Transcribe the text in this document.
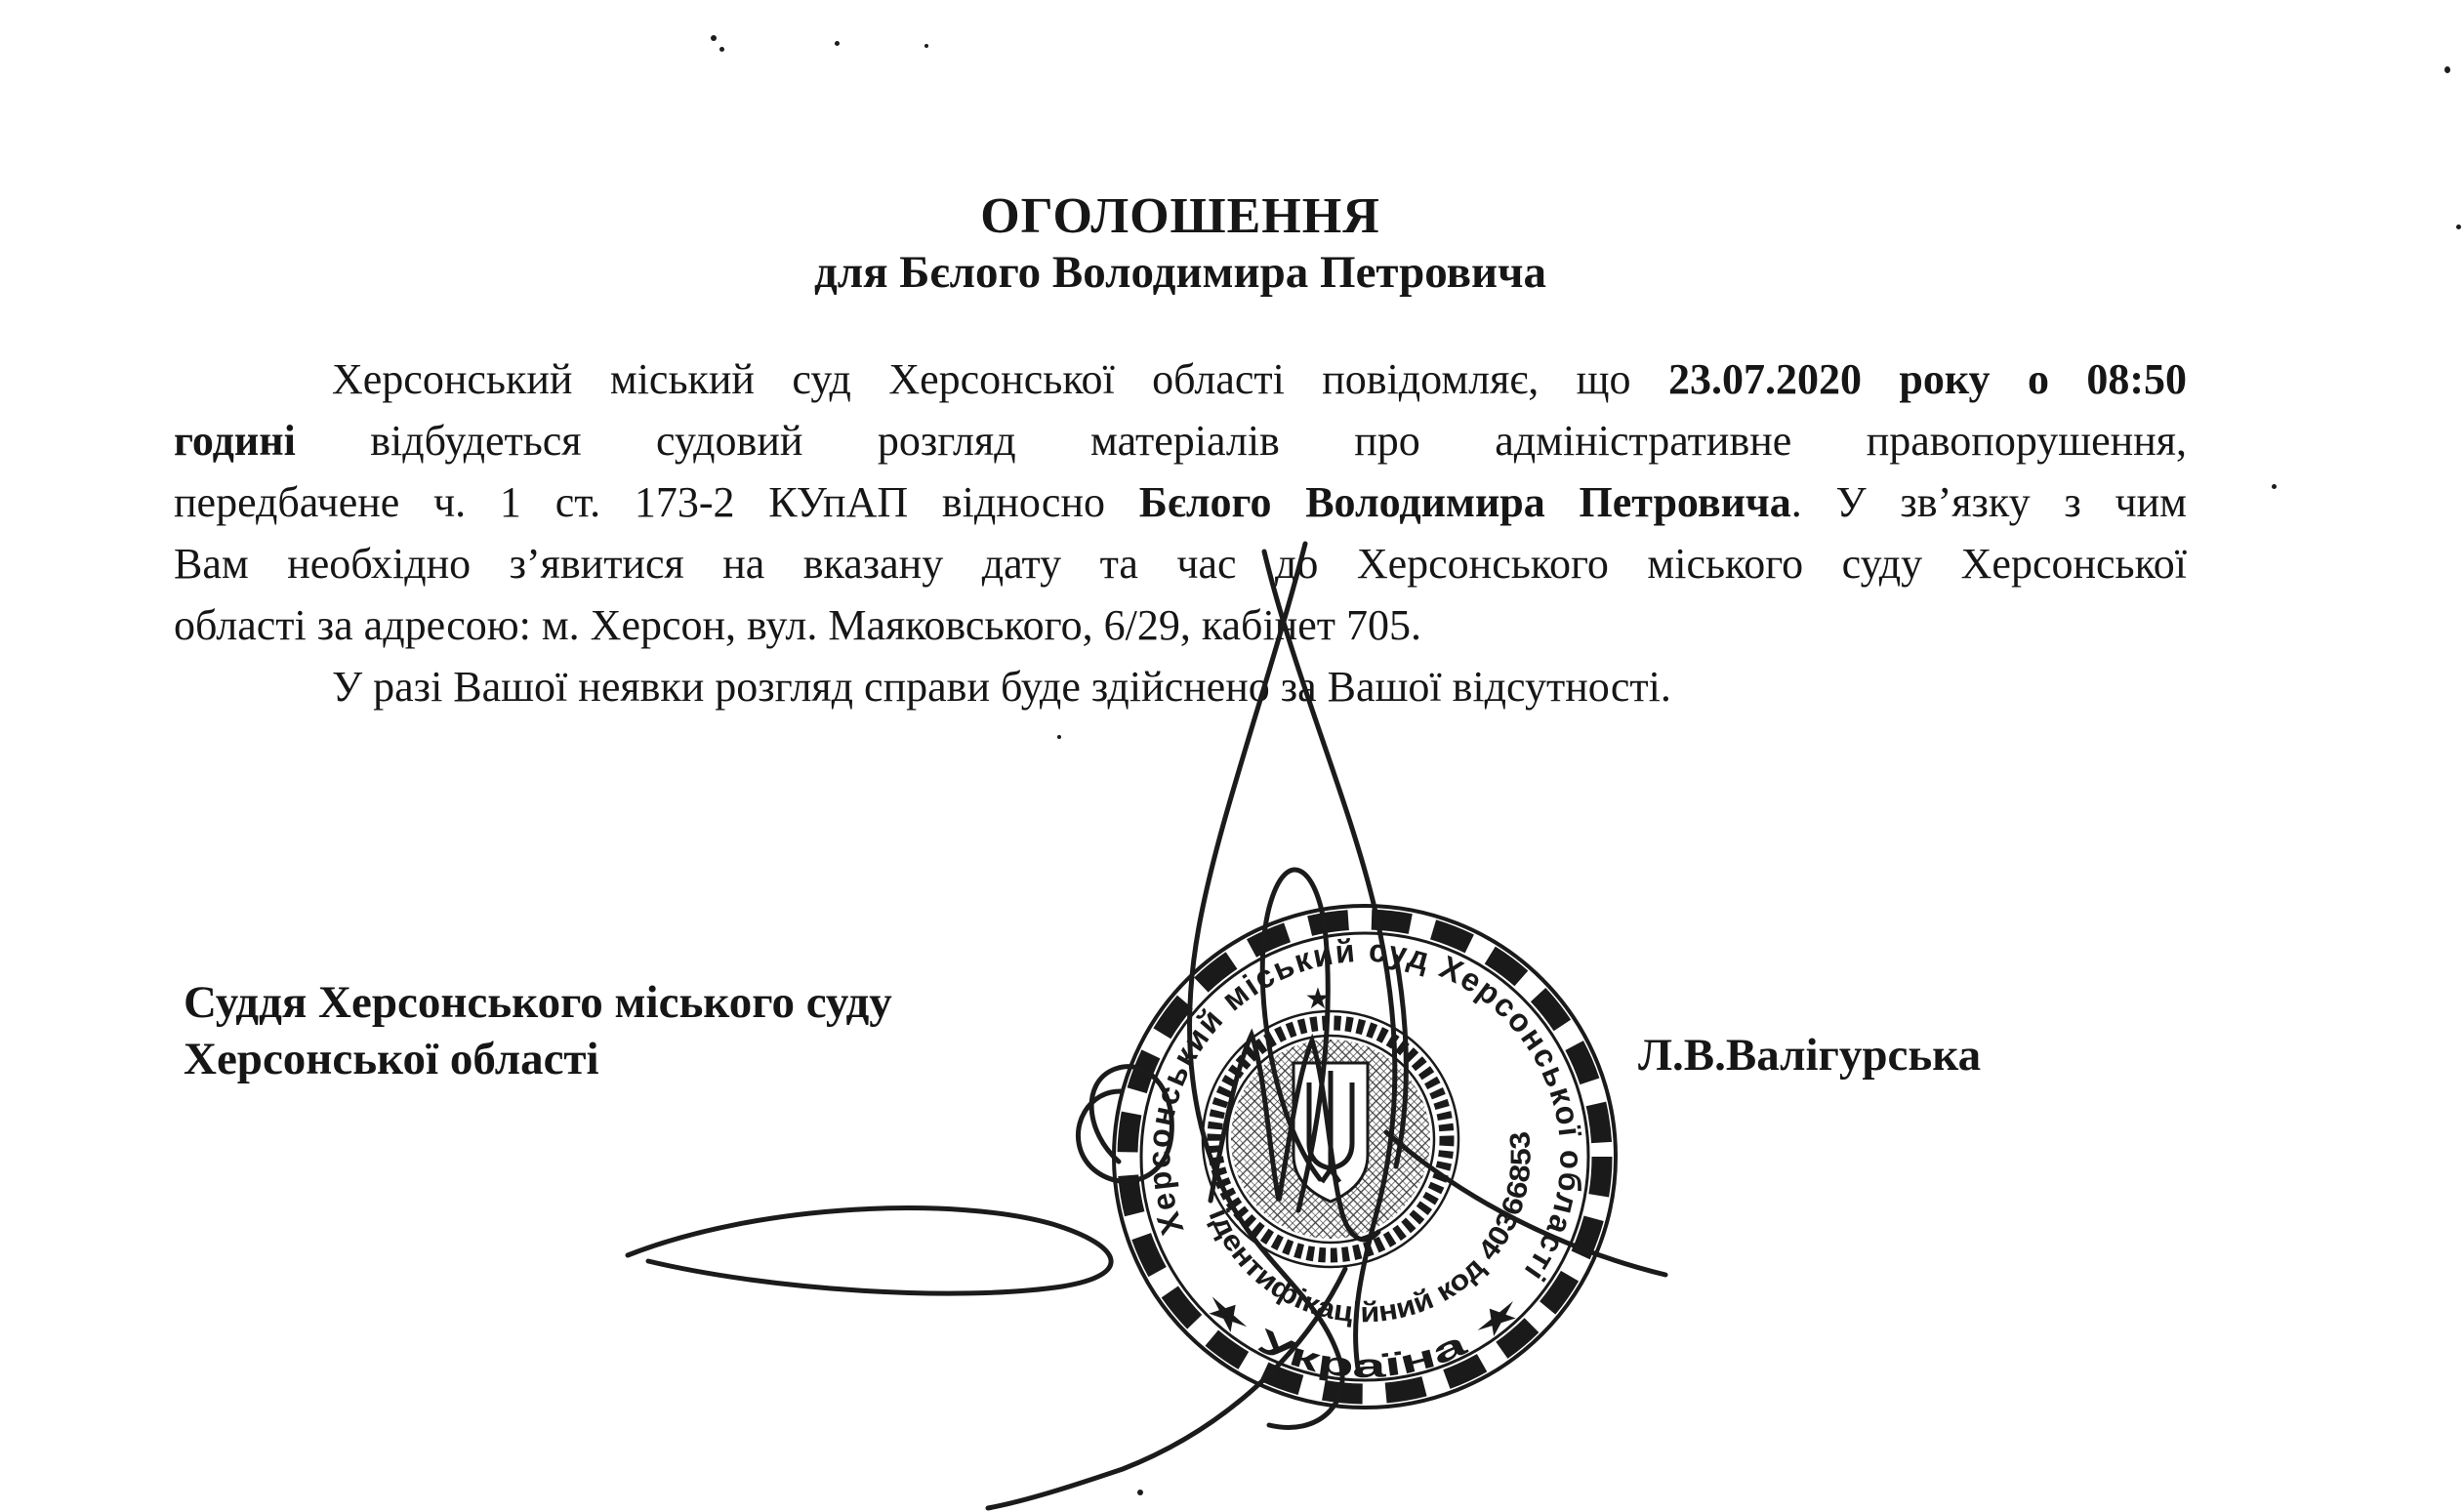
ОГОЛОШЕННЯ
для Бєлого Володимира Петровича
Херсонський міський суд Херсонської області повідомляє, що 23.07.2020 року о 08:50
годині відбудеться судовий розгляд матеріалів про адміністративне правопорушення,
передбачене ч. 1 ст. 173-2 КУпАП відносно Бєлого Володимира Петровича. У зв’язку з чим
Вам необхідно з’явитися на вказану дату та час до Херсонського міського суду Херсонської
області за адресою: м. Херсон, вул. Маяковського, 6/29, кабінет 705.
У разі Вашої неявки розгляд справи буде здійснено за Вашої відсутності.
Суддя Херсонського міського суду
Херсонської області	Л.В.Валігурська
Херсонський міський суд Херсонської області
★ Україна ★
ідентифікаційний код 40366853
★
